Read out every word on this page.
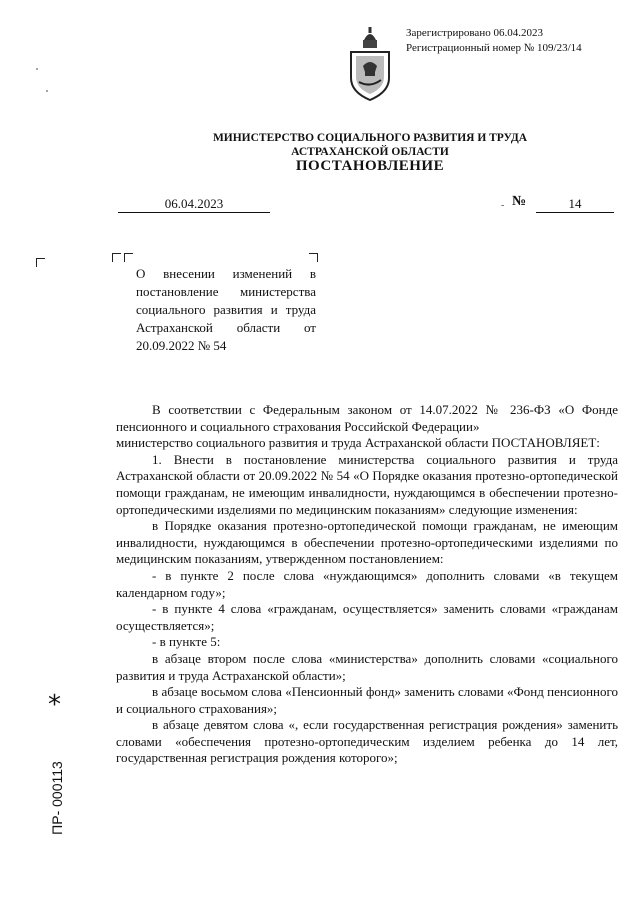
Зарегистрировано 06.04.2023
Регистрационный номер № 109/23/14
МИНИСТЕРСТВО СОЦИАЛЬНОГО РАЗВИТИЯ И ТРУДА
АСТРАХАНСКОЙ ОБЛАСТИ
ПОСТАНОВЛЕНИЕ
06.04.2023	- №	14
О внесении изменений в постановление министерства социального развития и труда Астраханской области от 20.09.2022 № 54

В соответствии с Федеральным законом от 14.07.2022 № 236-ФЗ «О Фонде пенсионного и социального страхования Российской Федерации»

министерство социального развития и труда Астраханской области ПОСТАНОВЛЯЕТ:

1. Внести в постановление министерства социального развития и труда Астраханской области от 20.09.2022 № 54 «О Порядке оказания протезно-ортопедической помощи гражданам, не имеющим инвалидности, нуждающимся в обеспечении протезно-ортопедическими изделиями по медицинским показаниям» следующие изменения:

в Порядке оказания протезно-ортопедической помощи гражданам, не имеющим инвалидности, нуждающимся в обеспечении протезно-ортопедическими изделиями по медицинским показаниям, утвержденном постановлением:

- в пункте 2 после слова «нуждающимся» дополнить словами «в текущем календарном году»;

- в пункте 4 слова «гражданам, осуществляется» заменить словами «гражданам осуществляется»;

- в пункте 5:

в абзаце втором после слова «министерства» дополнить словами «социального развития и труда Астраханской области»;

в абзаце восьмом слова «Пенсионный фонд» заменить словами «Фонд пенсионного и социального страхования»;

в абзаце девятом слова «, если государственная регистрация рождения» заменить словами «обеспечения протезно-ортопедическим изделием ребенка до 14 лет, государственная регистрация рождения которого»;

*
ПР- 000113
